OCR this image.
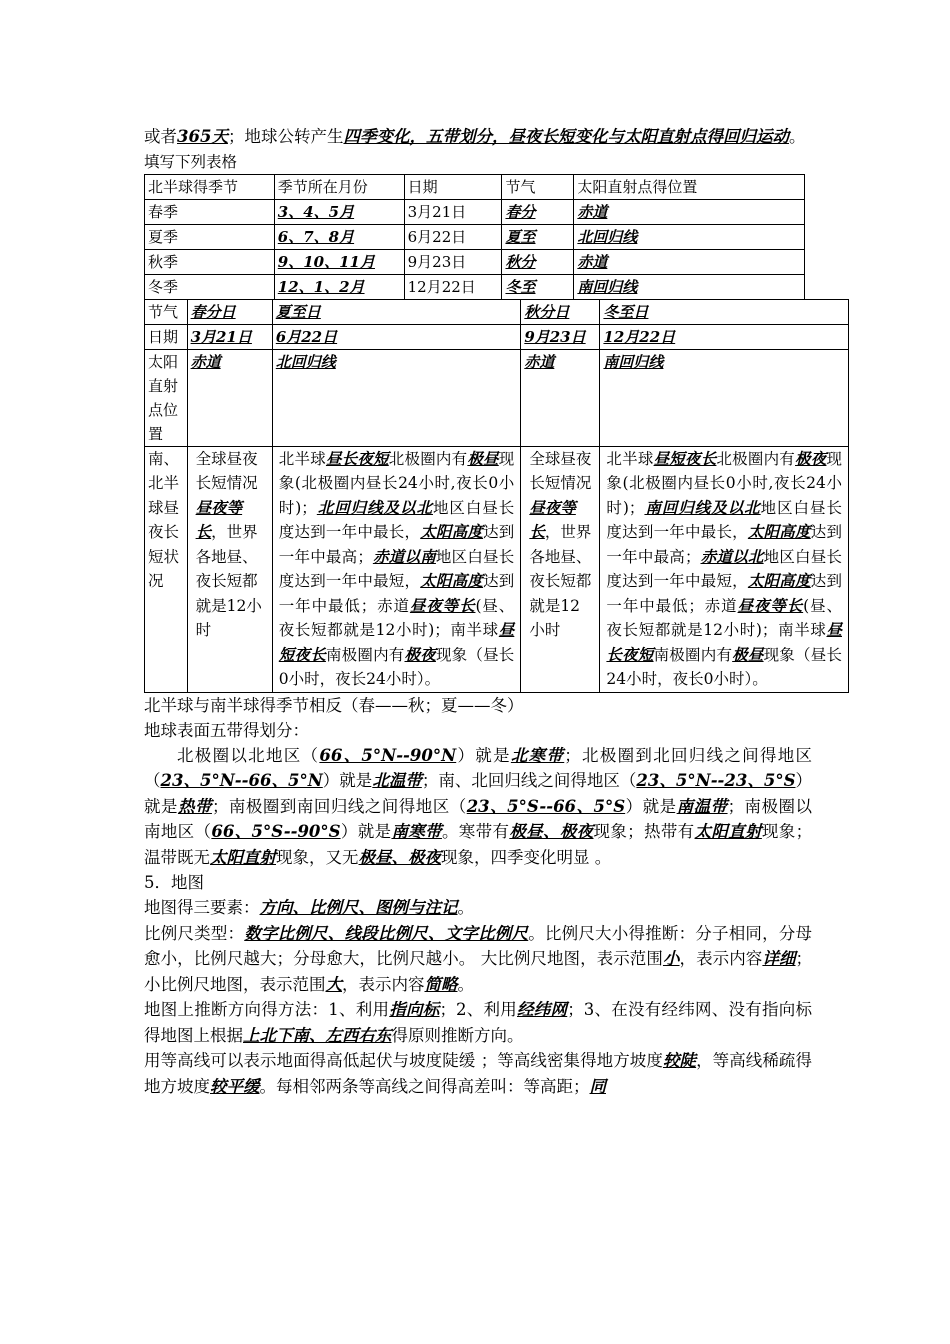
或者365天；地球公转产生四季变化，五带划分，昼夜长短变化与太阳直射点得回归运动。
填写下列表格
北半球得季节	季节所在月份	日期	节气	太阳直射点得位置
春季	3、4、5月	3月21日	春分	赤道
夏季	6、7、8月	6月22日	夏至	北回归线
秋季	9、10、11月	9月23日	秋分	赤道
冬季	12、1、2月	12月22日	冬至	南回归线
节气	春分日	夏至日	秋分日	冬至日
日期	3月21日	6月22日	9月23日	12月22日
太阳直射点位置	赤道	北回归线	赤道	南回归线
南、北半球昼夜长短状况	全球昼夜长短情况昼夜等长，世界各地昼、夜长短都就是12小时	北半球昼长夜短北极圈内有极昼现象(北极圈内昼长24小时,夜长0小时)；北回归线及以北地区白昼长度达到一年中最长，太阳高度达到一年中最高；赤道以南地区白昼长度达到一年中最短，太阳高度达到一年中最低；赤道昼夜等长(昼、夜长短都就是12小时)；南半球昼短夜长南极圈内有极夜现象（昼长0小时，夜长24小时）。	全球昼夜长短情况昼夜等长，世界各地昼、夜长短都就是12小时	北半球昼短夜长北极圈内有极夜现象(北极圈内昼长0小时,夜长24小时)；南回归线及以北地区白昼长度达到一年中最长，太阳高度达到一年中最高；赤道以北地区白昼长度达到一年中最短，太阳高度达到一年中最低；赤道昼夜等长(昼、夜长短都就是12小时)；南半球昼长夜短南极圈内有极昼现象（昼长24小时，夜长0小时）。
北半球与南半球得季节相反（春——秋；夏——冬）
地球表面五带得划分：
北极圈以北地区（66、5°N--90°N）就是北寒带；北极圈到北回归线之间得地区（23、5°N--66、5°N）就是北温带；南、北回归线之间得地区（23、5°N--23、5°S）就是热带；南极圈到南回归线之间得地区（23、5°S--66、5°S）就是南温带；南极圈以南地区（66、5°S--90°S）就是南寒带。寒带有极昼、极夜现象；热带有太阳直射现象；温带既无太阳直射现象，又无极昼、极夜现象，四季变化明显 。
5．地图
地图得三要素：方向、比例尺、图例与注记。
比例尺类型：数字比例尺、线段比例尺、文字比例尺。比例尺大小得推断：分子相同，分母愈小，比例尺越大；分母愈大，比例尺越小。 大比例尺地图，表示范围小，表示内容详细； 小比例尺地图，表示范围大，表示内容简略。
地图上推断方向得方法：1、利用指向标；2、利用经纬网；3、在没有经纬网、没有指向标得地图上根据上北下南、左西右东得原则推断方向。
用等高线可以表示地面得高低起伏与坡度陡缓 ；等高线密集得地方坡度较陡，等高线稀疏得地方坡度较平缓。每相邻两条等高线之间得高差叫：等高距；同
